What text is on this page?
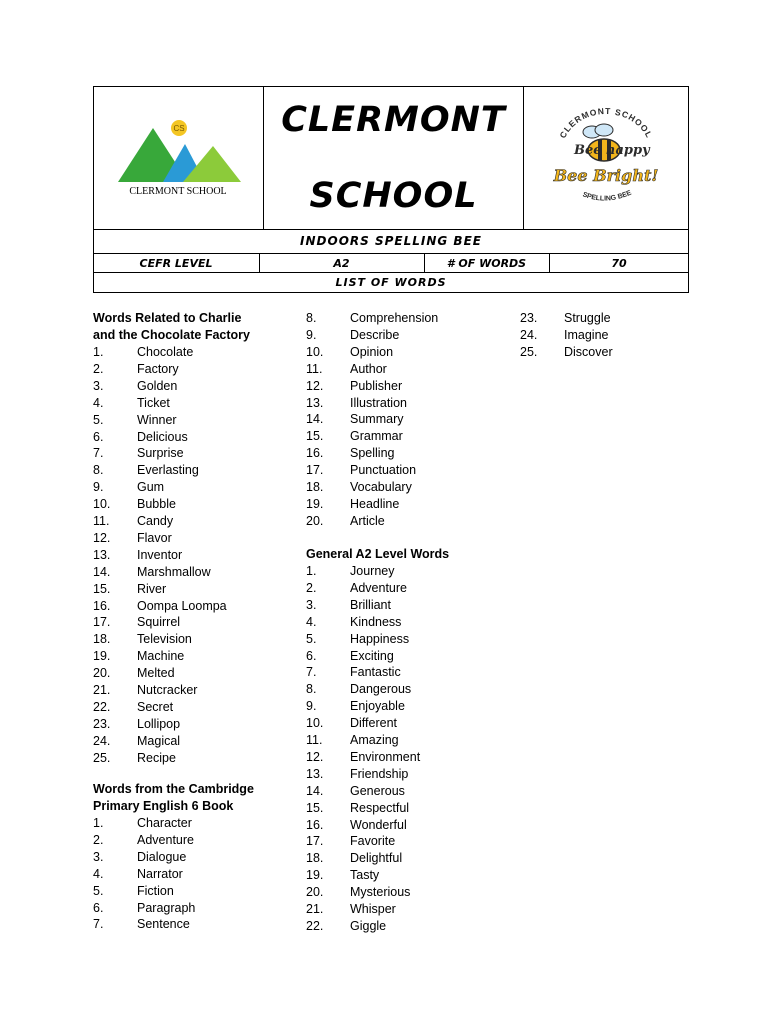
CS
CLERMONT SCHOOL
CLERMONT
SCHOOL
CLERMONT SCHOOL
Bee happy
Bee Bright!
SPELLING BEE
INDOORS SPELLING BEE
CEFR LEVEL	A2	# OF WORDS	70
LIST OF WORDS
Words Related to Charlie
and the Chocolate Factory
1.	Chocolate
2.	Factory
3.	Golden
4.	Ticket
5.	Winner
6.	Delicious
7.	Surprise
8.	Everlasting
9.	Gum
10. Bubble
11. Candy
12. Flavor
13. Inventor
14. Marshmallow
15. River
16. Oompa Loompa
17. Squirrel
18. Television
19. Machine
20. Melted
21. Nutcracker
22. Secret
23. Lollipop
24. Magical
25. Recipe
Words from the Cambridge
Primary English 6 Book
1.	Character
2.	Adventure
3.	Dialogue
4.	Narrator
5.	Fiction
6.	Paragraph
7.	Sentence
8.	Comprehension
9.	Describe
10. Opinion
11. Author
12. Publisher
13. Illustration
14. Summary
15. Grammar
16. Spelling
17. Punctuation
18. Vocabulary
19. Headline
20. Article
General A2 Level Words
1.	Journey
2.	Adventure
3.	Brilliant
4.	Kindness
5.	Happiness
6.	Exciting
7.	Fantastic
8.	Dangerous
9.	Enjoyable
10. Different
11. Amazing
12. Environment
13. Friendship
14. Generous
15. Respectful
16. Wonderful
17. Favorite
18. Delightful
19. Tasty
20. Mysterious
21. Whisper
22. Giggle
23. Struggle
24. Imagine
25. Discover
